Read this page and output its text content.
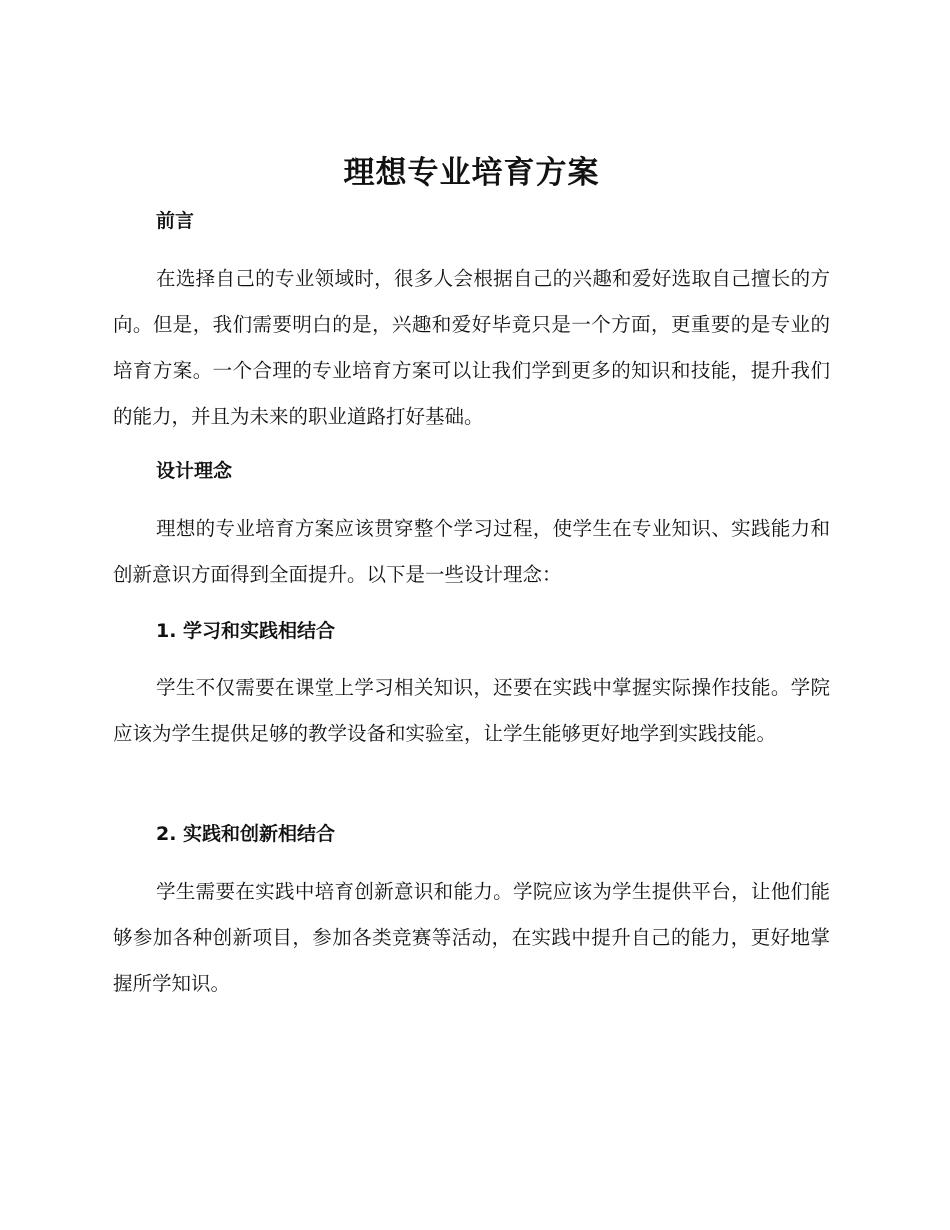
理想专业培育方案
前言

在选择自己的专业领域时，很多人会根据自己的兴趣和爱好选取自己擅长的方向。但是，我们需要明白的是，兴趣和爱好毕竟只是一个方面，更重要的是专业的培育方案。一个合理的专业培育方案可以让我们学到更多的知识和技能，提升我们的能力，并且为未来的职业道路打好基础。

设计理念

理想的专业培育方案应该贯穿整个学习过程，使学生在专业知识、实践能力和创新意识方面得到全面提升。以下是一些设计理念：

1. 学习和实践相结合

学生不仅需要在课堂上学习相关知识，还要在实践中掌握实际操作技能。学院应该为学生提供足够的教学设备和实验室，让学生能够更好地学到实践技能。

2. 实践和创新相结合

学生需要在实践中培育创新意识和能力。学院应该为学生提供平台，让他们能够参加各种创新项目，参加各类竞赛等活动，在实践中提升自己的能力，更好地掌握所学知识。
